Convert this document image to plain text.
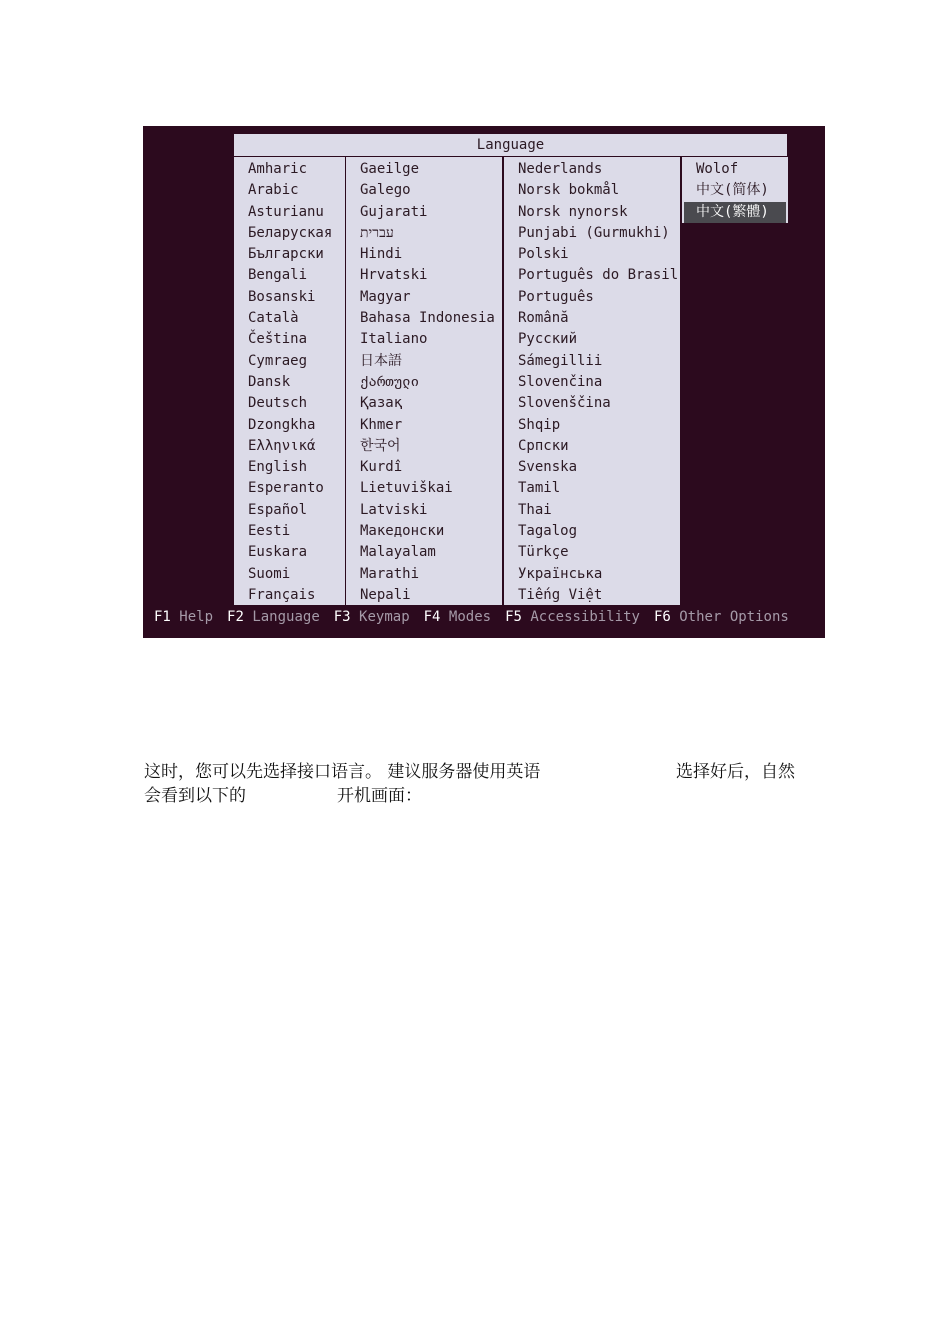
Language
Amharic
Arabic
Asturianu
Беларуская
Български
Bengali
Bosanski
Català
Čeština
Cymraeg
Dansk
Deutsch
Dzongkha
Ελληνικά
English
Esperanto
Español
Eesti
Euskara
Suomi
Français
Gaeilge
Galego
Gujarati
עברית
Hindi
Hrvatski
Magyar
Bahasa Indonesia
Italiano
日本語
ქართული
Қазақ
Khmer
한국어
Kurdî
Lietuviškai
Latviski
Македонски
Malayalam
Marathi
Nepali
Nederlands
Norsk bokmål
Norsk nynorsk
Punjabi (Gurmukhi)
Polski
Português do Brasil
Português
Română
Русский
Sámegillii
Slovenčina
Slovenščina
Shqip
Српски
Svenska
Tamil
Thai
Tagalog
Türkçe
Українська
Tiếng Việt
Wolof
中文(简体)
中文(繁體)
F1 Help F2 Language F3 Keymap F4 Modes F5 Accessibility F6 Other Options
这时，您可以先选择接口语言。 建议服务器使用英语	选择好后，自然
会看到以下的	开机画面：
